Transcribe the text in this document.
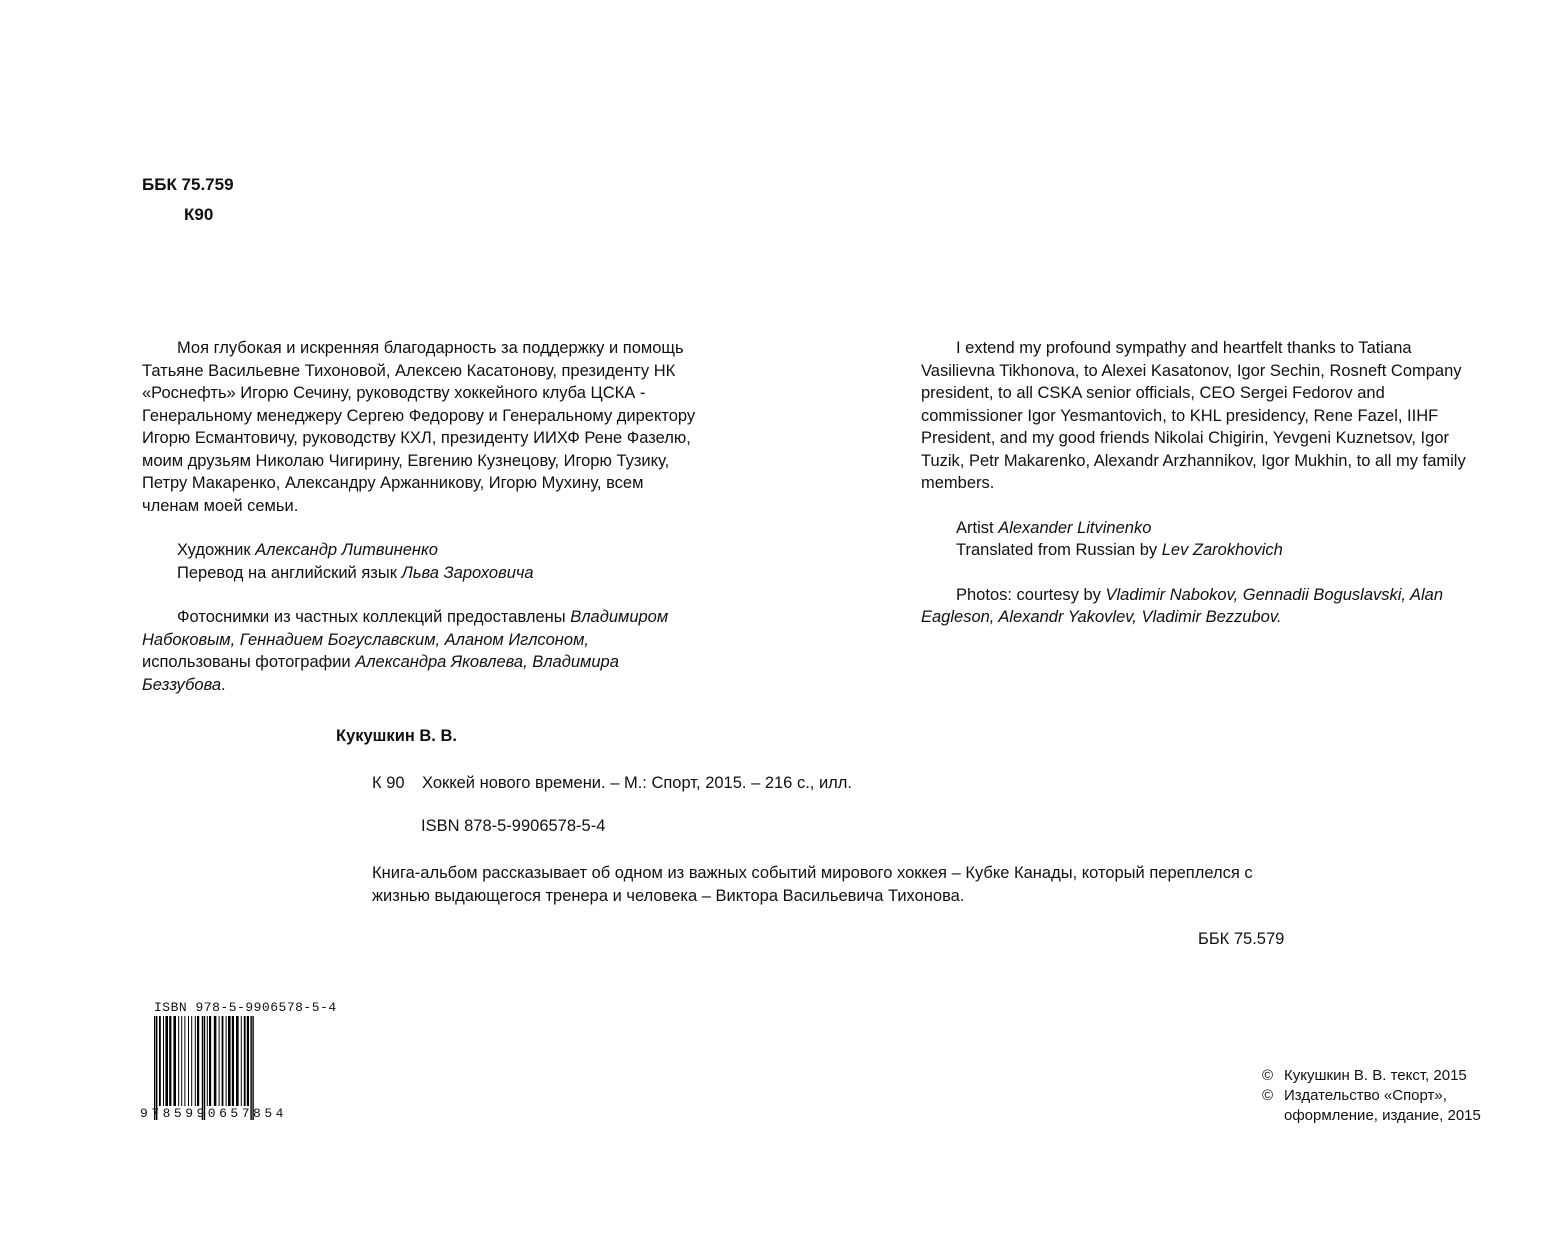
ББК 75.759
К90

Моя глубокая и искренняя благодарность за поддержку и помощь Татьяне Васильевне Тихоновой, Алексею Касатонову, президенту НК «Роснефть» Игорю Сечину, руководству хоккейного клуба ЦСКА - Генеральному менеджеру Сергею Федорову и Генеральному директору Игорю Есмантовичу, руководству КХЛ, президенту ИИХФ Рене Фазелю, моим друзьям Николаю Чигирину, Евгению Кузнецову, Игорю Тузику, Петру Макаренко, Александру Аржанникову, Игорю Мухину, всем членам моей семьи.

Художник Александр Литвиненко

Перевод на английский язык Льва Зароховича

Фотоснимки из частных коллекций предоставлены Владимиром Набоковым, Геннадием Богуславским, Аланом Иглсоном, использованы фотографии Александра Яковлева, Владимира Беззубова.

I extend my profound sympathy and heartfelt thanks to Tatiana Vasilievna Tikhonova, to Alexei Kasatonov, Igor Sechin, Rosneft Company president, to all CSKA senior officials, CEO Sergei Fedorov and commissioner Igor Yesmantovich, to KHL presidency, Rene Fazel, IIHF President, and my good friends Nikolai Chigirin, Yevgeni Kuznetsov, Igor Tuzik, Petr Makarenko, Alexandr Arzhannikov, Igor Mukhin, to all my family members.

Artist Alexander Litvinenko

Translated from Russian by Lev Zarokhovich

Photos: courtesy by Vladimir Nabokov, Gennadii Boguslavski, Alan Eagleson, Alexandr Yakovlev, Vladimir Bezzubov.

Кукушкин В. В.
К 90 Хоккей нового времени. – М.: Спорт, 2015. – 216 с., илл.
ISBN 878-5-9906578-5-4
Книга-альбом рассказывает об одном из важных событий мирового хоккея – Кубке Канады, который переплелся с жизнью выдающегося тренера и человека – Виктора Васильевича Тихонова.
ББК 75.579
ISBN 978-5-9906578-5-4
9785990657854
© Кукушкин В. В. текст, 2015
© Издательство «Спорт», оформление, издание, 2015
